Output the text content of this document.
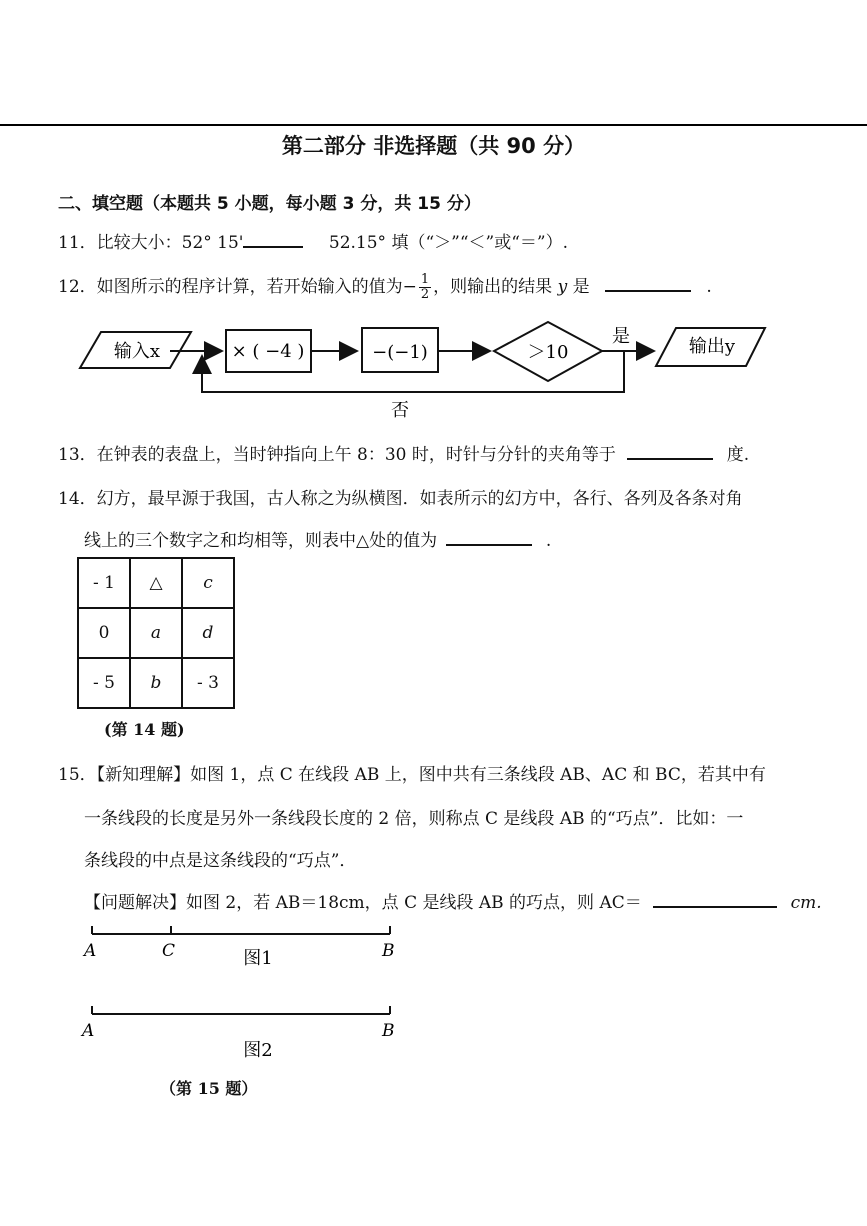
第二部分 非选择题（共 90 分）
二、填空题（本题共 5 小题，每小题 3 分，共 15 分）
11．比较大小：52° 15'	52.15° 填（“＞”“＜”或“＝”）.
12．如图所示的程序计算，若开始输入的值为− $\frac{1}{2}$ ，则输出的结果 y 是	.
输入x	× ( −4 )	−(−1)	＞10
是	输出y
否
13．在钟表的表盘上，当时钟指向上午 8：30 时，时针与分针的夹角等于	度.
14．幻方，最早源于我国，古人称之为纵横图．如表所示的幻方中，各行、各列及各条对角
线上的三个数字之和均相等，则表中△处的值为	.
- 1	△	c
0	a	d
- 5	b	- 3
(第 14 题)
15．【新知理解】如图 1，点 C 在线段 AB 上，图中共有三条线段 AB、AC 和 BC，若其中有
一条线段的长度是另外一条线段长度的 2 倍，则称点 C 是线段 AB 的“巧点”．比如：一
条线段的中点是这条线段的“巧点”．
【问题解决】如图 2，若 AB＝18cm，点 C 是线段 AB 的巧点，则 AC＝	cm.
A	C	B
图1
A	B
图2
（第 15 题）
